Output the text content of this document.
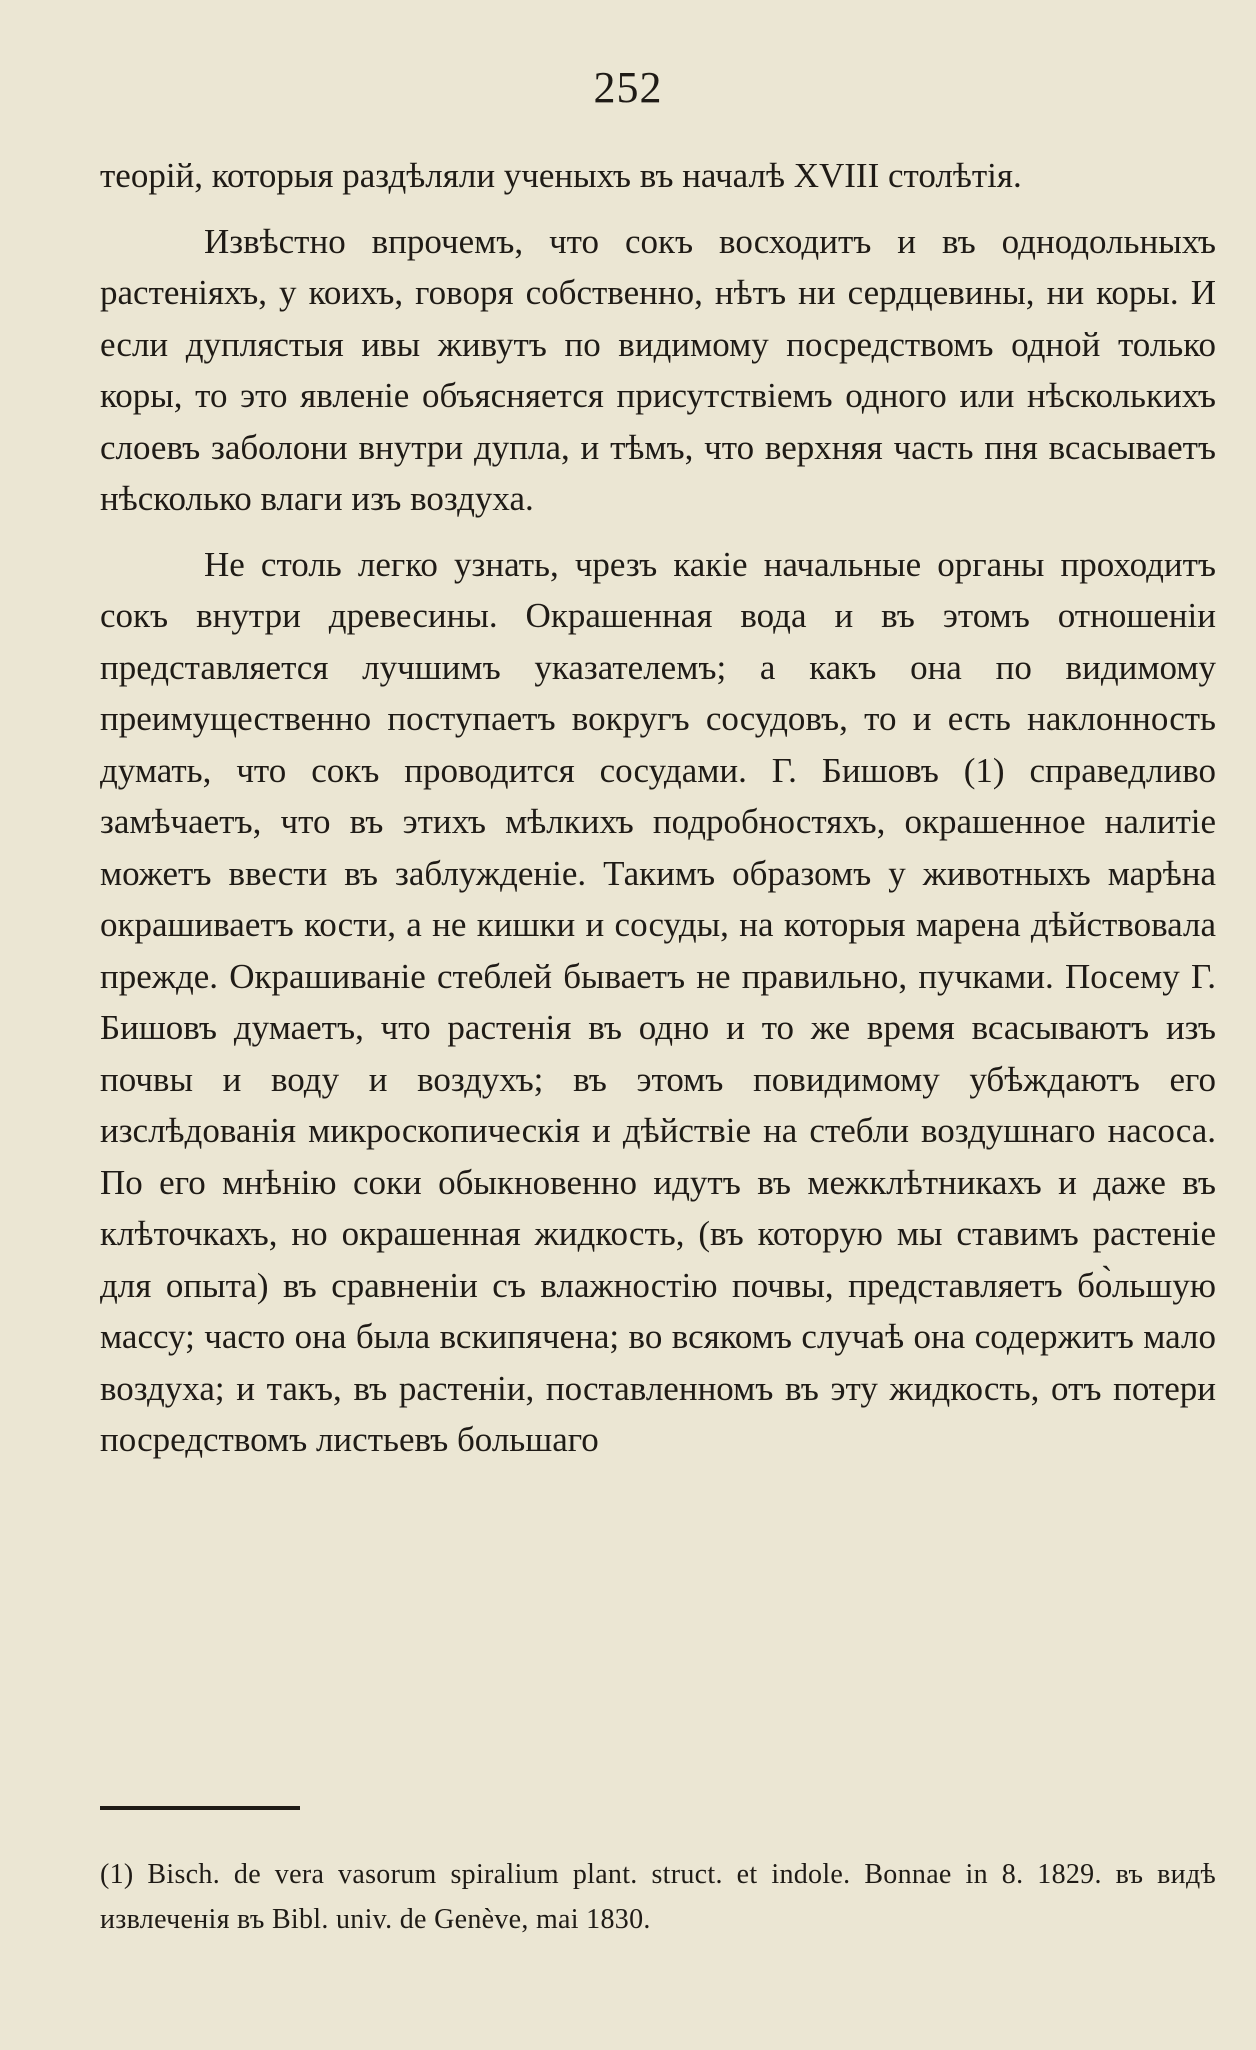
252

теорій, которыя раздѣляли ученыхъ въ началѣ XVIII столѣтія.

Извѣстно впрочемъ, что сокъ восходитъ и въ однодольныхъ растеніяхъ, у коихъ, говоря собственно, нѣтъ ни сердцевины, ни коры. И если дуплястыя ивы живутъ по видимому посредствомъ одной только коры, то это явленіе объясняется присутствіемъ одного или нѣсколькихъ слоевъ заболони внутри дупла, и тѣмъ, что верхняя часть пня всасываетъ нѣсколько влаги изъ воздуха.

Не столь легко узнать, чрезъ какіе начальные органы проходитъ сокъ внутри древесины. Окрашенная вода и въ этомъ отношеніи представляется лучшимъ указателемъ; а какъ она по видимому преимущественно поступаетъ вокругъ сосудовъ, то и есть наклонность думать, что сокъ проводится сосудами. Г. Бишовъ (1) справедливо замѣчаетъ, что въ этихъ мѣлкихъ подробностяхъ, окрашенное налитіе можетъ ввести въ заблужденіе. Такимъ образомъ у животныхъ марѣна окрашиваетъ кости, а не кишки и сосуды, на которыя марена дѣйствовала прежде. Окрашиваніе стеблей бываетъ не правильно, пучками. Посему Г. Бишовъ думаетъ, что растенія въ одно и то же время всасываютъ изъ почвы и воду и воздухъ; въ этомъ повидимому убѣждаютъ его изслѣдованія микроскопическія и дѣйствіе на стебли воздушнаго насоса. По его мнѣнію соки обыкновенно идутъ въ межклѣтникахъ и даже въ клѣточкахъ, но окрашенная жидкость, (въ которую мы ставимъ растеніе для опыта) въ сравненіи съ влажностію почвы, представляетъ бо̀льшую массу; часто она была вскипячена; во всякомъ случаѣ она содержитъ мало воздуха; и такъ, въ растеніи, поставленномъ въ эту жидкость, отъ потери посредствомъ листьевъ большаго

(1) Bisch. de vera vasorum spiralium plant. struct. et indole. Bonnae in 8. 1829. въ видѣ извлеченія въ Bibl. univ. de Genève, mai 1830.
